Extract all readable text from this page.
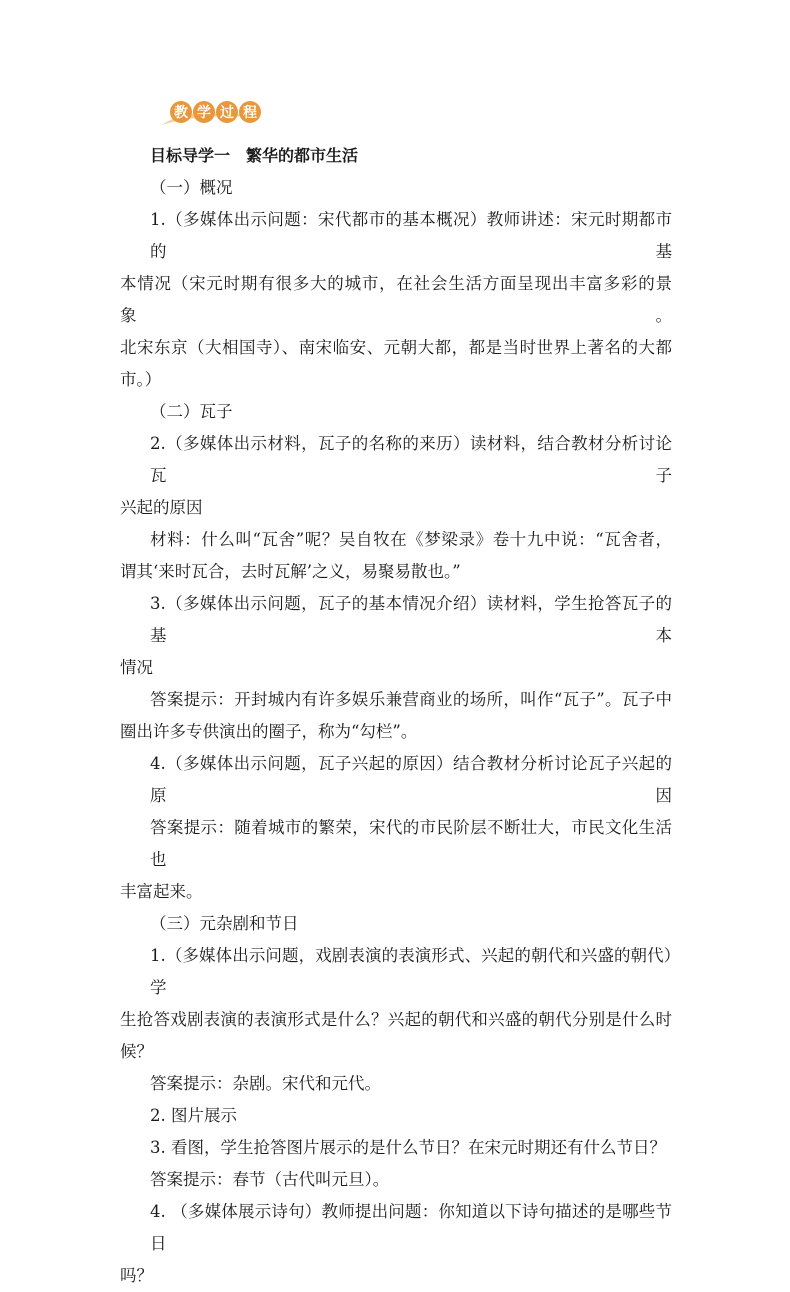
教 学 过 程

目标导学一　繁华的都市生活

（一）概况

1.（多媒体出示问题：宋代都市的基本概况）教师讲述：宋元时期都市的基

本情况（宋元时期有很多大的城市，在社会生活方面呈现出丰富多彩的景象。

北宋东京（大相国寺）、南宋临安、元朝大都，都是当时世界上著名的大都

市。）

（二）瓦子

2.（多媒体出示材料，瓦子的名称的来历）读材料，结合教材分析讨论瓦子

兴起的原因

材料：什么叫“瓦舍”呢？吴自牧在《梦梁录》卷十九中说：“瓦舍者，

谓其‘来时瓦合，去时瓦解’之义，易聚易散也。”

3.（多媒体出示问题，瓦子的基本情况介绍）读材料，学生抢答瓦子的基本

情况

答案提示：开封城内有许多娱乐兼营商业的场所，叫作“瓦子”。瓦子中

圈出许多专供演出的圈子，称为“勾栏”。

4.（多媒体出示问题，瓦子兴起的原因）结合教材分析讨论瓦子兴起的原因

答案提示：随着城市的繁荣，宋代的市民阶层不断壮大，市民文化生活也

丰富起来。

（三）元杂剧和节日

1.（多媒体出示问题，戏剧表演的表演形式、兴起的朝代和兴盛的朝代）学

生抢答戏剧表演的表演形式是什么？兴起的朝代和兴盛的朝代分别是什么时

候？

答案提示：杂剧。宋代和元代。

2. 图片展示

3. 看图，学生抢答图片展示的是什么节日？在宋元时期还有什么节日？

答案提示：春节（古代叫元旦）。

4. （多媒体展示诗句）教师提出问题：你知道以下诗句描述的是哪些节日

吗？
